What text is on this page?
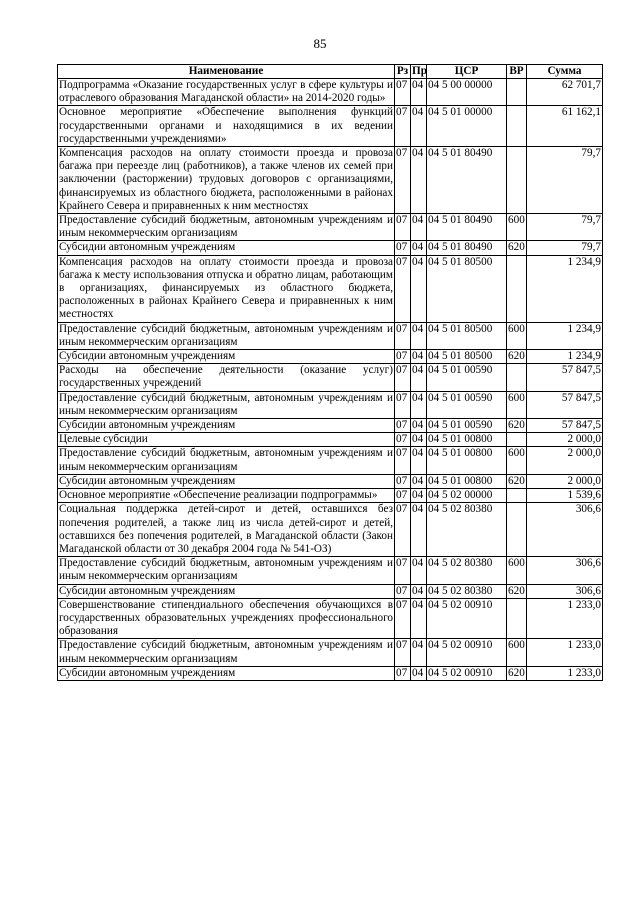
85
Наименование	Рз	Пр	ЦСР	ВР	Сумма
Подпрограмма «Оказание государственных услуг в сфере культуры и отраслевого образования Магаданской области» на 2014-2020 годы»	07	04	04 5 00 00000		62 701,7
Основное мероприятие «Обеспечение выполнения функций государственными органами и находящимися в их ведении государственными учреждениями»	07	04	04 5 01 00000		61 162,1
Компенсация расходов на оплату стоимости проезда и провоза багажа при переезде лиц (работников), а также членов их семей при заключении (расторжении) трудовых договоров с организациями, финансируемых из областного бюджета, расположенными в районах Крайнего Севера и приравненных к ним местностях	07	04	04 5 01 80490		79,7
Предоставление субсидий бюджетным, автономным учреждениям и иным некоммерческим организациям	07	04	04 5 01 80490	600	79,7
Субсидии автономным учреждениям	07	04	04 5 01 80490	620	79,7
Компенсация расходов на оплату стоимости проезда и провоза багажа к месту использования отпуска и обратно лицам, работающим в организациях, финансируемых из областного бюджета, расположенных в районах Крайнего Севера и приравненных к ним местностях	07	04	04 5 01 80500		1 234,9
Предоставление субсидий бюджетным, автономным учреждениям и иным некоммерческим организациям	07	04	04 5 01 80500	600	1 234,9
Субсидии автономным учреждениям	07	04	04 5 01 80500	620	1 234,9
Расходы на обеспечение деятельности (оказание услуг) государственных учреждений	07	04	04 5 01 00590		57 847,5
Предоставление субсидий бюджетным, автономным учреждениям и иным некоммерческим организациям	07	04	04 5 01 00590	600	57 847,5
Субсидии автономным учреждениям	07	04	04 5 01 00590	620	57 847,5
Целевые субсидии	07	04	04 5 01 00800		2 000,0
Предоставление субсидий бюджетным, автономным учреждениям и иным некоммерческим организациям	07	04	04 5 01 00800	600	2 000,0
Субсидии автономным учреждениям	07	04	04 5 01 00800	620	2 000,0
Основное мероприятие «Обеспечение реализации подпрограммы»	07	04	04 5 02 00000		1 539,6
Социальная поддержка детей-сирот и детей, оставшихся без попечения родителей, а также лиц из числа детей-сирот и детей, оставшихся без попечения родителей, в Магаданской области (Закон Магаданской области от 30 декабря 2004 года № 541-ОЗ)	07	04	04 5 02 80380		306,6
Предоставление субсидий бюджетным, автономным учреждениям и иным некоммерческим организациям	07	04	04 5 02 80380	600	306,6
Субсидии автономным учреждениям	07	04	04 5 02 80380	620	306,6
Совершенствование стипендиального обеспечения обучающихся в государственных образовательных учреждениях профессионального образования	07	04	04 5 02 00910		1 233,0
Предоставление субсидий бюджетным, автономным учреждениям и иным некоммерческим организациям	07	04	04 5 02 00910	600	1 233,0
Субсидии автономным учреждениям	07	04	04 5 02 00910	620	1 233,0
